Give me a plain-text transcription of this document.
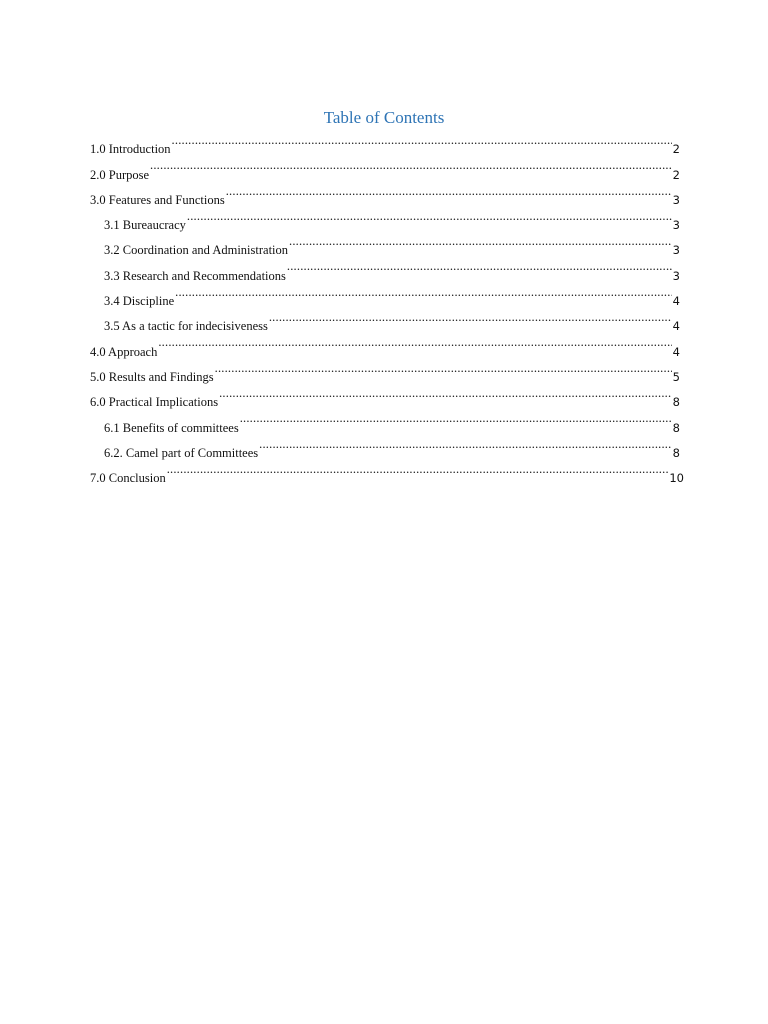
Table of Contents
1.0 Introduction .....	2
2.0 Purpose .....	2
3.0 Features and Functions .....	3
3.1 Bureaucracy .....	3
3.2 Coordination and Administration .....	3
3.3 Research and Recommendations .....	3
3.4 Discipline .....	4
3.5 As a tactic for indecisiveness .....	4
4.0 Approach .....	4
5.0 Results and Findings .....	5
6.0 Practical Implications .....	8
6.1 Benefits of committees .....	8
6.2. Camel part of Committees .....	8
7.0 Conclusion .....	10
